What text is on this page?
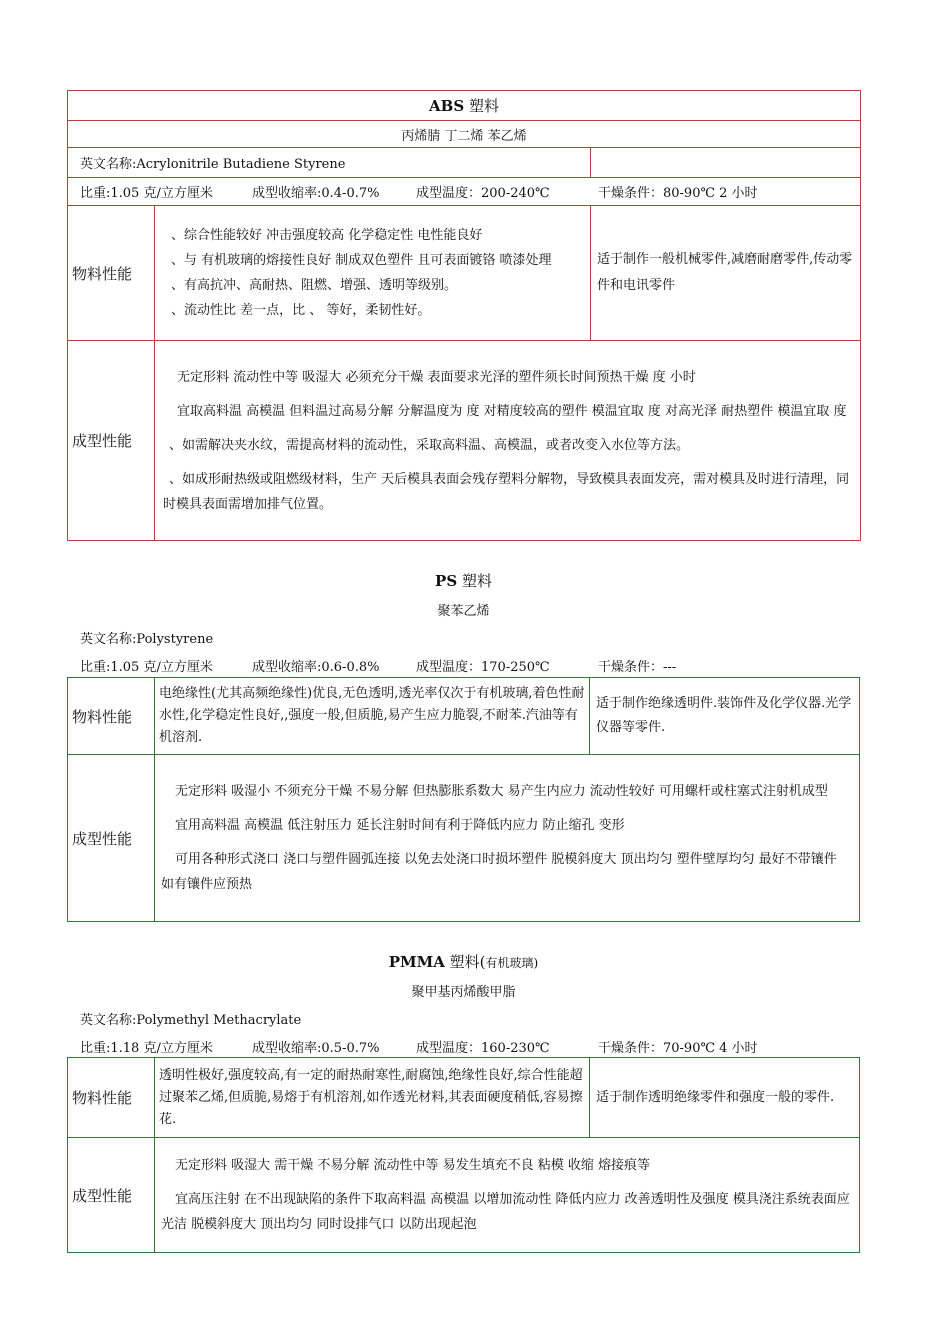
ABS 塑料		
丙烯腈 丁二烯 苯乙烯		
英文名称:Acrylonitrile Butadiene Styrene		
比重:1.05 克/立方厘米 成型收缩率:0.4-0.7% 成型温度：200-240℃ 干燥条件：80-90℃ 2 小时		
物料性能	、综合性能较好 冲击强度较高 化学稳定性 电性能良好
、与 有机玻璃的熔接性良好 制成双色塑件 且可表面镀铬 喷漆处理
、有高抗冲、高耐热、阻燃、增强、透明等级别。
、流动性比 差一点，比 、 等好，柔韧性好。	适于制作一般机械零件,减磨耐磨零件,传动零件和电讯零件
成型性能	无定形料 流动性中等 吸湿大 必须充分干燥 表面要求光泽的塑件须长时间预热干燥 度 小时

宜取高料温 高模温 但料温过高易分解 分解温度为 度 对精度较高的塑件 模温宜取 度 对高光泽 耐热塑件 模温宜取 度

、如需解决夹水纹，需提高材料的流动性，采取高料温、高模温，或者改变入水位等方法。

、如成形耐热级或阻燃级材料，生产 天后模具表面会残存塑料分解物，导致模具表面发亮，需对模具及时进行清理，同时模具表面需增加排气位置。	

PS 塑料
聚苯乙烯
英文名称:Polystyrene
比重:1.05 克/立方厘米	成型收缩率:0.6-0.8%	成型温度：170-250℃	干燥条件：---
物料性能	电绝缘性(尤其高频绝缘性)优良,无色透明,透光率仅次于有机玻璃,着色性耐水性,化学稳定性良好,,强度一般,但质脆,易产生应力脆裂,不耐苯.汽油等有机溶剂.	适于制作绝缘透明件.装饰件及化学仪器.光学仪器等零件.
成型性能	无定形料 吸湿小 不须充分干燥 不易分解 但热膨胀系数大 易产生内应力 流动性较好 可用螺杆或柱塞式注射机成型

宜用高料温 高模温 低注射压力 延长注射时间有利于降低内应力 防止缩孔 变形

可用各种形式浇口 浇口与塑件圆弧连接 以免去处浇口时损坏塑件 脱模斜度大 顶出均匀 塑件壁厚均匀 最好不带镶件 如有镶件应预热	

PMMA 塑料(有机玻璃)
聚甲基丙烯酸甲脂
英文名称:Polymethyl Methacrylate
比重:1.18 克/立方厘米	成型收缩率:0.5-0.7%	成型温度：160-230℃	干燥条件：70-90℃ 4 小时
物料性能	透明性极好,强度较高,有一定的耐热耐寒性,耐腐蚀,绝缘性良好,综合性能超过聚苯乙烯,但质脆,易熔于有机溶剂,如作透光材料,其表面硬度稍低,容易擦花.	适于制作透明绝缘零件和强度一般的零件.
成型性能	无定形料 吸湿大 需干燥 不易分解 流动性中等 易发生填充不良 粘模 收缩 熔接痕等

宜高压注射 在不出现缺陷的条件下取高料温 高模温 以增加流动性 降低内应力 改善透明性及强度 模具浇注系统表面应光洁 脱模斜度大 顶出均匀 同时设排气口 以防出现起泡	
